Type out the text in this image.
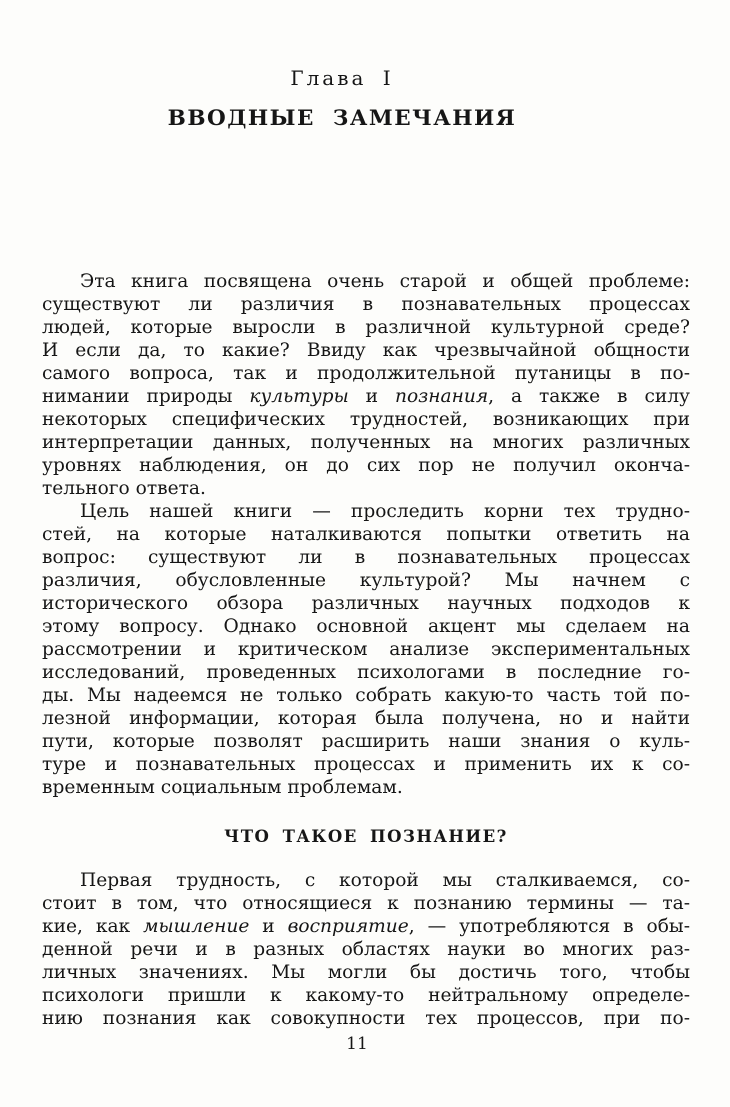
Глава I
ВВОДНЫЕ ЗАМЕЧАНИЯ
Эта книга посвящена очень старой и общей проблеме:
существуют ли различия в познавательных процессах
людей, которые выросли в различной культурной среде?
И если да, то какие? Ввиду как чрезвычайной общности
самого вопроса, так и продолжительной путаницы в по-
нимании природы культуры и познания, а также в силу
некоторых специфических трудностей, возникающих при
интерпретации данных, полученных на многих различных
уровнях наблюдения, он до сих пор не получил оконча-
тельного ответа.
Цель нашей книги — проследить корни тех трудно-
стей, на которые наталкиваются попытки ответить на
вопрос: существуют ли в познавательных процессах
различия, обусловленные культурой? Мы начнем с
исторического обзора различных научных подходов к
этому вопросу. Однако основной акцент мы сделаем на
рассмотрении и критическом анализе экспериментальных
исследований, проведенных психологами в последние го-
ды. Мы надеемся не только собрать какую-то часть той по-
лезной информации, которая была получена, но и найти
пути, которые позволят расширить наши знания о куль-
туре и познавательных процессах и применить их к со-
временным социальным проблемам.
ЧТО ТАКОЕ ПОЗНАНИЕ?
Первая трудность, с которой мы сталкиваемся, со-
стоит в том, что относящиеся к познанию термины — та-
кие, как мышление и восприятие, — употребляются в обы-
денной речи и в разных областях науки во многих раз-
личных значениях. Мы могли бы достичь того, чтобы
психологи пришли к какому-то нейтральному определе-
нию познания как совокупности тех процессов, при по-
11
